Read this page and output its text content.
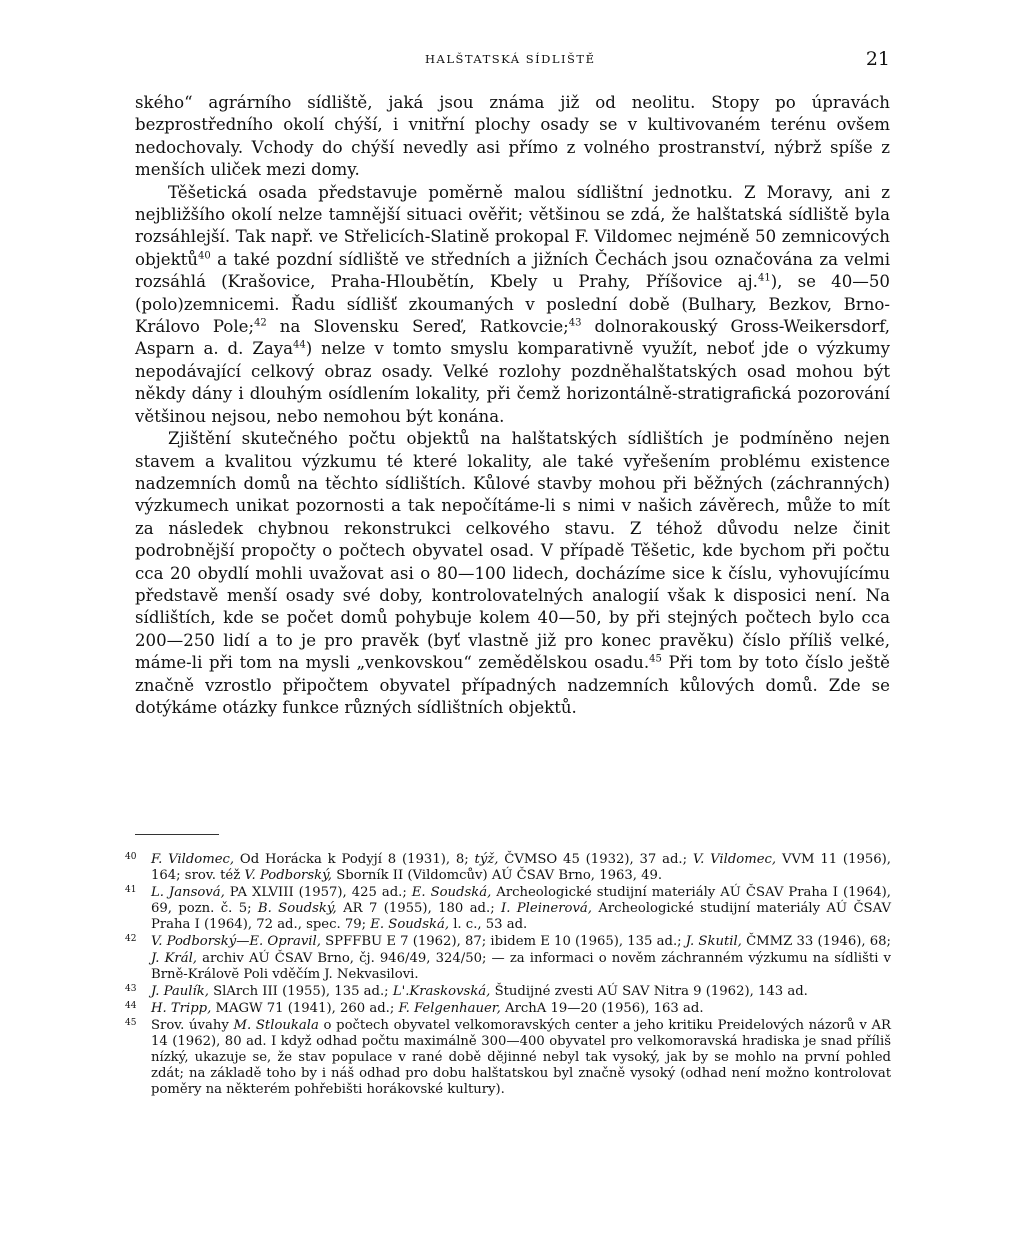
HALŠTATSKÁ SÍDLIŠTĚ	21

ského“ agrárního sídliště, jaká jsou známa již od neolitu. Stopy po úpravách bezprostředního okolí chýší, i vnitřní plochy osady se v kultivovaném terénu ovšem nedochovaly. Vchody do chýší nevedly asi přímo z volného prostranství, nýbrž spíše z menších uliček mezi domy.

Těšetická osada představuje poměrně malou sídlištní jednotku. Z Moravy, ani z nejbližšího okolí nelze tamnější situaci ověřit; většinou se zdá, že halštatská sídliště byla rozsáhlejší. Tak např. ve Střelicích-Slatině prokopal F. Vildomec nejméně 50 zemnicových objektů$^{40}$ a také pozdní sídliště ve středních a jižních Čechách jsou označována za velmi rozsáhlá (Krašovice, Praha-Hloubětín, Kbely u Prahy, Příšovice aj.$^{41}$), se 40—50 (polo)zemnicemi. Řadu sídlišť zkoumaných v poslední době (Bulhary, Bezkov, Brno-Královo Pole;$^{42}$ na Slovensku Sereď, Ratkovcie;$^{43}$ dolnorakouský Gross-Weikersdorf, Asparn a. d. Zaya$^{44}$) nelze v tomto smyslu komparativně využít, neboť jde o výzkumy nepodávající celkový obraz osady. Velké rozlohy pozdněhalštatských osad mohou být někdy dány i dlouhým osídlením lokality, při čemž horizontálně-stratigrafická pozorování většinou nejsou, nebo nemohou být konána.

Zjištění skutečného počtu objektů na halštatských sídlištích je podmíněno nejen stavem a kvalitou výzkumu té které lokality, ale také vyřešením problému existence nadzemních domů na těchto sídlištích. Kůlové stavby mohou při běžných (záchranných) výzkumech unikat pozornosti a tak nepočítáme-li s nimi v našich závěrech, může to mít za následek chybnou rekonstrukci celkového stavu. Z téhož důvodu nelze činit podrobnější propočty o počtech obyvatel osad. V případě Těšetic, kde bychom při počtu cca 20 obydlí mohli uvažovat asi o 80—100 lidech, docházíme sice k číslu, vyhovujícímu představě menší osady své doby, kontrolovatelných analogií však k disposici není. Na sídlištích, kde se počet domů pohybuje kolem 40—50, by při stejných počtech bylo cca 200—250 lidí a to je pro pravěk (byť vlastně již pro konec pravěku) číslo příliš velké, máme-li při tom na mysli „venkovskou“ zemědělskou osadu.$^{45}$ Při tom by toto číslo ještě značně vzrostlo připočtem obyvatel případných nadzemních kůlových domů. Zde se dotýkáme otázky funkce různých sídlištních objektů.

40 F. Vildomec, Od Horácka k Podyjí 8 (1931), 8; týž, ČVMSO 45 (1932), 37 ad.; V. Vildomec, VVM 11 (1956), 164; srov. též V. Podborský, Sborník II (Vildomcův) AÚ ČSAV Brno, 1963, 49.

41 L. Jansová, PA XLVIII (1957), 425 ad.; E. Soudská, Archeologické studijní materiály AÚ ČSAV Praha I (1964), 69, pozn. č. 5; B. Soudský, AR 7 (1955), 180 ad.; I. Pleinerová, Archeologické studijní materiály AÚ ČSAV Praha I (1964), 72 ad., spec. 79; E. Soudská, l. c., 53 ad.

42 V. Podborský—E. Opravil, SPFFBU E 7 (1962), 87; ibidem E 10 (1965), 135 ad.; J. Skutil, ČMMZ 33 (1946), 68; J. Král, archiv AÚ ČSAV Brno, čj. 946/49, 324/50; — za informaci o nověm záchranném výzkumu na sídlišti v Brně-Královĕ Poli vděčím J. Nekvasilovi.

43 J. Paulík, SlArch III (1955), 135 ad.; L'.Kraskovská, Študijné zvesti AÚ SAV Nitra 9 (1962), 143 ad.

44 H. Tripp, MAGW 71 (1941), 260 ad.; F. Felgenhauer, ArchA 19—20 (1956), 163 ad.

45 Srov. úvahy M. Stloukala o počtech obyvatel velkomoravských center a jeho kritiku Preidelových názorů v AR 14 (1962), 80 ad. I když odhad počtu maximálně 300—400 obyvatel pro velkomoravská hradiska je snad příliš nízký, ukazuje se, že stav populace v rané době dějinné nebyl tak vysoký, jak by se mohlo na první pohled zdát; na základě toho by i náš odhad pro dobu halštatskou byl značně vysoký (odhad není možno kontrolovat poměry na některém pohřebišti horákovské kultury).
